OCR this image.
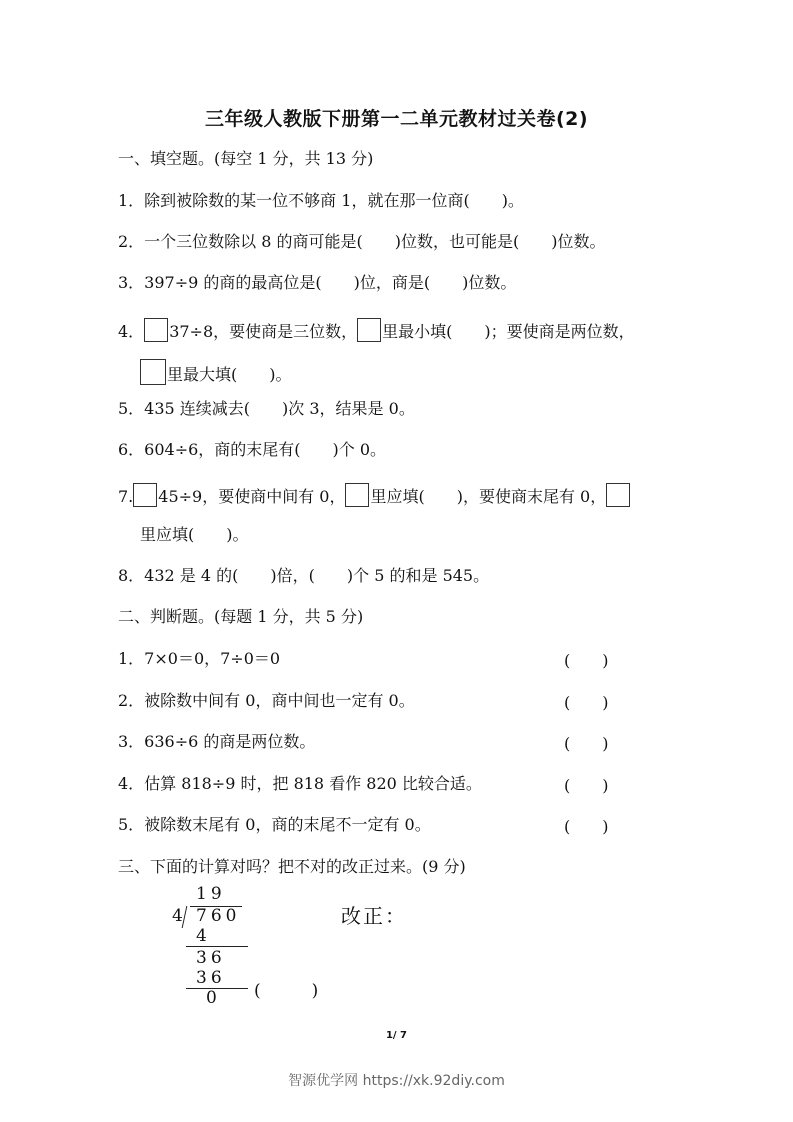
三年级人教版下册第一二单元教材过关卷(2)
一、填空题。(每空 1 分，共 13 分)
1．除到被除数的某一位不够商 1，就在那一位商(　　)。
2．一个三位数除以 8 的商可能是(　　)位数，也可能是(　　)位数。
3．397÷9 的商的最高位是(　　)位，商是(　　)位数。
4． 37÷8，要使商是三位数， 里最小填(　　)；要使商是两位数，
里最大填(　　)。
5．435 连续减去(　　)次 3，结果是 0。
6．604÷6，商的末尾有(　　)个 0。
7. 45÷9，要使商中间有 0， 里应填(　　)，要使商末尾有 0，
里应填(　　)。
8．432 是 4 的(　　)倍，(　　)个 5 的和是 545。
二、判断题。(每题 1 分，共 5 分)
1．7×0＝0，7÷0＝0	(　　)
2．被除数中间有 0，商中间也一定有 0。	(　　)
3．636÷6 的商是两位数。	(　　)
4．估算 818÷9 时，把 818 看作 820 比较合适。	(　　)
5．被除数末尾有 0，商的末尾不一定有 0。	(　　)
三、下面的计算对吗？把不对的改正过来。(9 分)
19
4 760
4
36
36
0 (　　　)
改正：
1/ 7
智源优学网 https://xk.92diy.com
